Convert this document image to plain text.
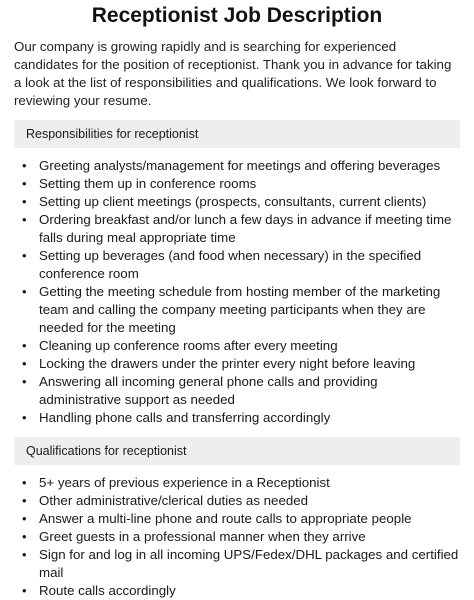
Receptionist Job Description

Our company is growing rapidly and is searching for experienced candidates for the position of receptionist. Thank you in advance for taking a look at the list of responsibilities and qualifications. We look forward to reviewing your resume.

Responsibilities for receptionist
• Greeting analysts/management for meetings and offering beverages
• Setting them up in conference rooms
• Setting up client meetings (prospects, consultants, current clients)
• Ordering breakfast and/or lunch a few days in advance if meeting time falls during meal appropriate time
• Setting up beverages (and food when necessary) in the specified conference room
• Getting the meeting schedule from hosting member of the marketing team and calling the company meeting participants when they are needed for the meeting
• Cleaning up conference rooms after every meeting
• Locking the drawers under the printer every night before leaving
• Answering all incoming general phone calls and providing administrative support as needed
• Handling phone calls and transferring accordingly
Qualifications for receptionist
• 5+ years of previous experience in a Receptionist
• Other administrative/clerical duties as needed
• Answer a multi-line phone and route calls to appropriate people
• Greet guests in a professional manner when they arrive
• Sign for and log in all incoming UPS/Fedex/DHL packages and certified mail
• Route calls accordingly
